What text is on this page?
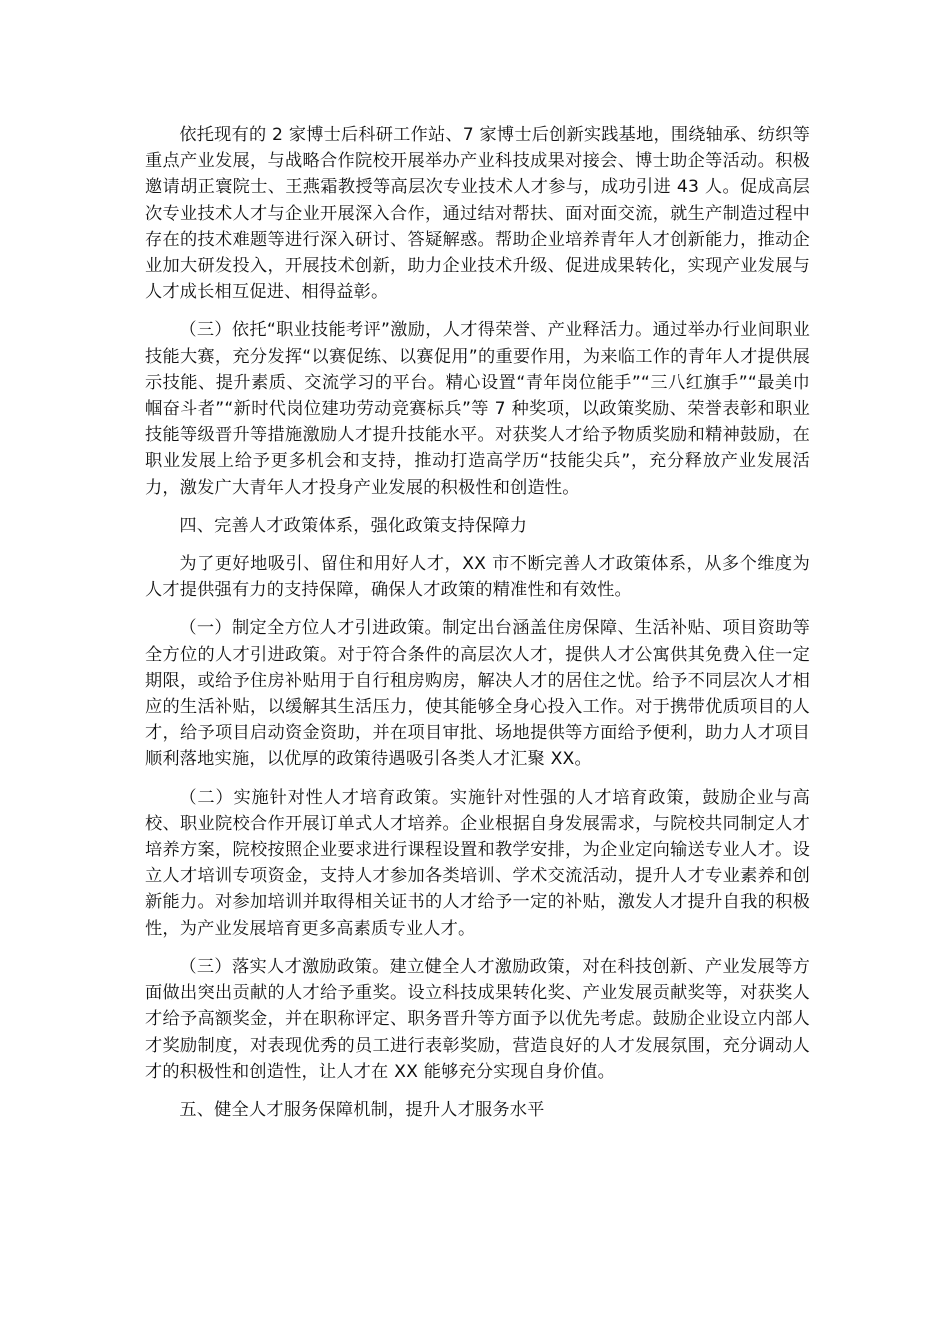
依托现有的 2 家博士后科研工作站、7 家博士后创新实践基地，围绕轴承、纺织等重点产业发展，与战略合作院校开展举办产业科技成果对接会、博士助企等活动。积极邀请胡正寰院士、王燕霜教授等高层次专业技术人才参与，成功引进 43 人。促成高层次专业技术人才与企业开展深入合作，通过结对帮扶、面对面交流，就生产制造过程中存在的技术难题等进行深入研讨、答疑解惑。帮助企业培养青年人才创新能力，推动企业加大研发投入，开展技术创新，助力企业技术升级、促进成果转化，实现产业发展与人才成长相互促进、相得益彰。

（三）依托“职业技能考评”激励，人才得荣誉、产业释活力。通过举办行业间职业技能大赛，充分发挥“以赛促练、以赛促用”的重要作用，为来临工作的青年人才提供展示技能、提升素质、交流学习的平台。精心设置“青年岗位能手”“三八红旗手”“最美巾帼奋斗者”“新时代岗位建功劳动竞赛标兵”等 7 种奖项，以政策奖励、荣誉表彰和职业技能等级晋升等措施激励人才提升技能水平。对获奖人才给予物质奖励和精神鼓励，在职业发展上给予更多机会和支持，推动打造高学历“技能尖兵”，充分释放产业发展活力，激发广大青年人才投身产业发展的积极性和创造性。

四、完善人才政策体系，强化政策支持保障力

为了更好地吸引、留住和用好人才，XX 市不断完善人才政策体系，从多个维度为人才提供强有力的支持保障，确保人才政策的精准性和有效性。

（一）制定全方位人才引进政策。制定出台涵盖住房保障、生活补贴、项目资助等全方位的人才引进政策。对于符合条件的高层次人才，提供人才公寓供其免费入住一定期限，或给予住房补贴用于自行租房购房，解决人才的居住之忧。给予不同层次人才相应的生活补贴，以缓解其生活压力，使其能够全身心投入工作。对于携带优质项目的人才，给予项目启动资金资助，并在项目审批、场地提供等方面给予便利，助力人才项目顺利落地实施，以优厚的政策待遇吸引各类人才汇聚 XX。

（二）实施针对性人才培育政策。实施针对性强的人才培育政策，鼓励企业与高校、职业院校合作开展订单式人才培养。企业根据自身发展需求，与院校共同制定人才培养方案，院校按照企业要求进行课程设置和教学安排，为企业定向输送专业人才。设立人才培训专项资金，支持人才参加各类培训、学术交流活动，提升人才专业素养和创新能力。对参加培训并取得相关证书的人才给予一定的补贴，激发人才提升自我的积极性，为产业发展培育更多高素质专业人才。

（三）落实人才激励政策。建立健全人才激励政策，对在科技创新、产业发展等方面做出突出贡献的人才给予重奖。设立科技成果转化奖、产业发展贡献奖等，对获奖人才给予高额奖金，并在职称评定、职务晋升等方面予以优先考虑。鼓励企业设立内部人才奖励制度，对表现优秀的员工进行表彰奖励，营造良好的人才发展氛围，充分调动人才的积极性和创造性，让人才在 XX 能够充分实现自身价值。

五、健全人才服务保障机制，提升人才服务水平
